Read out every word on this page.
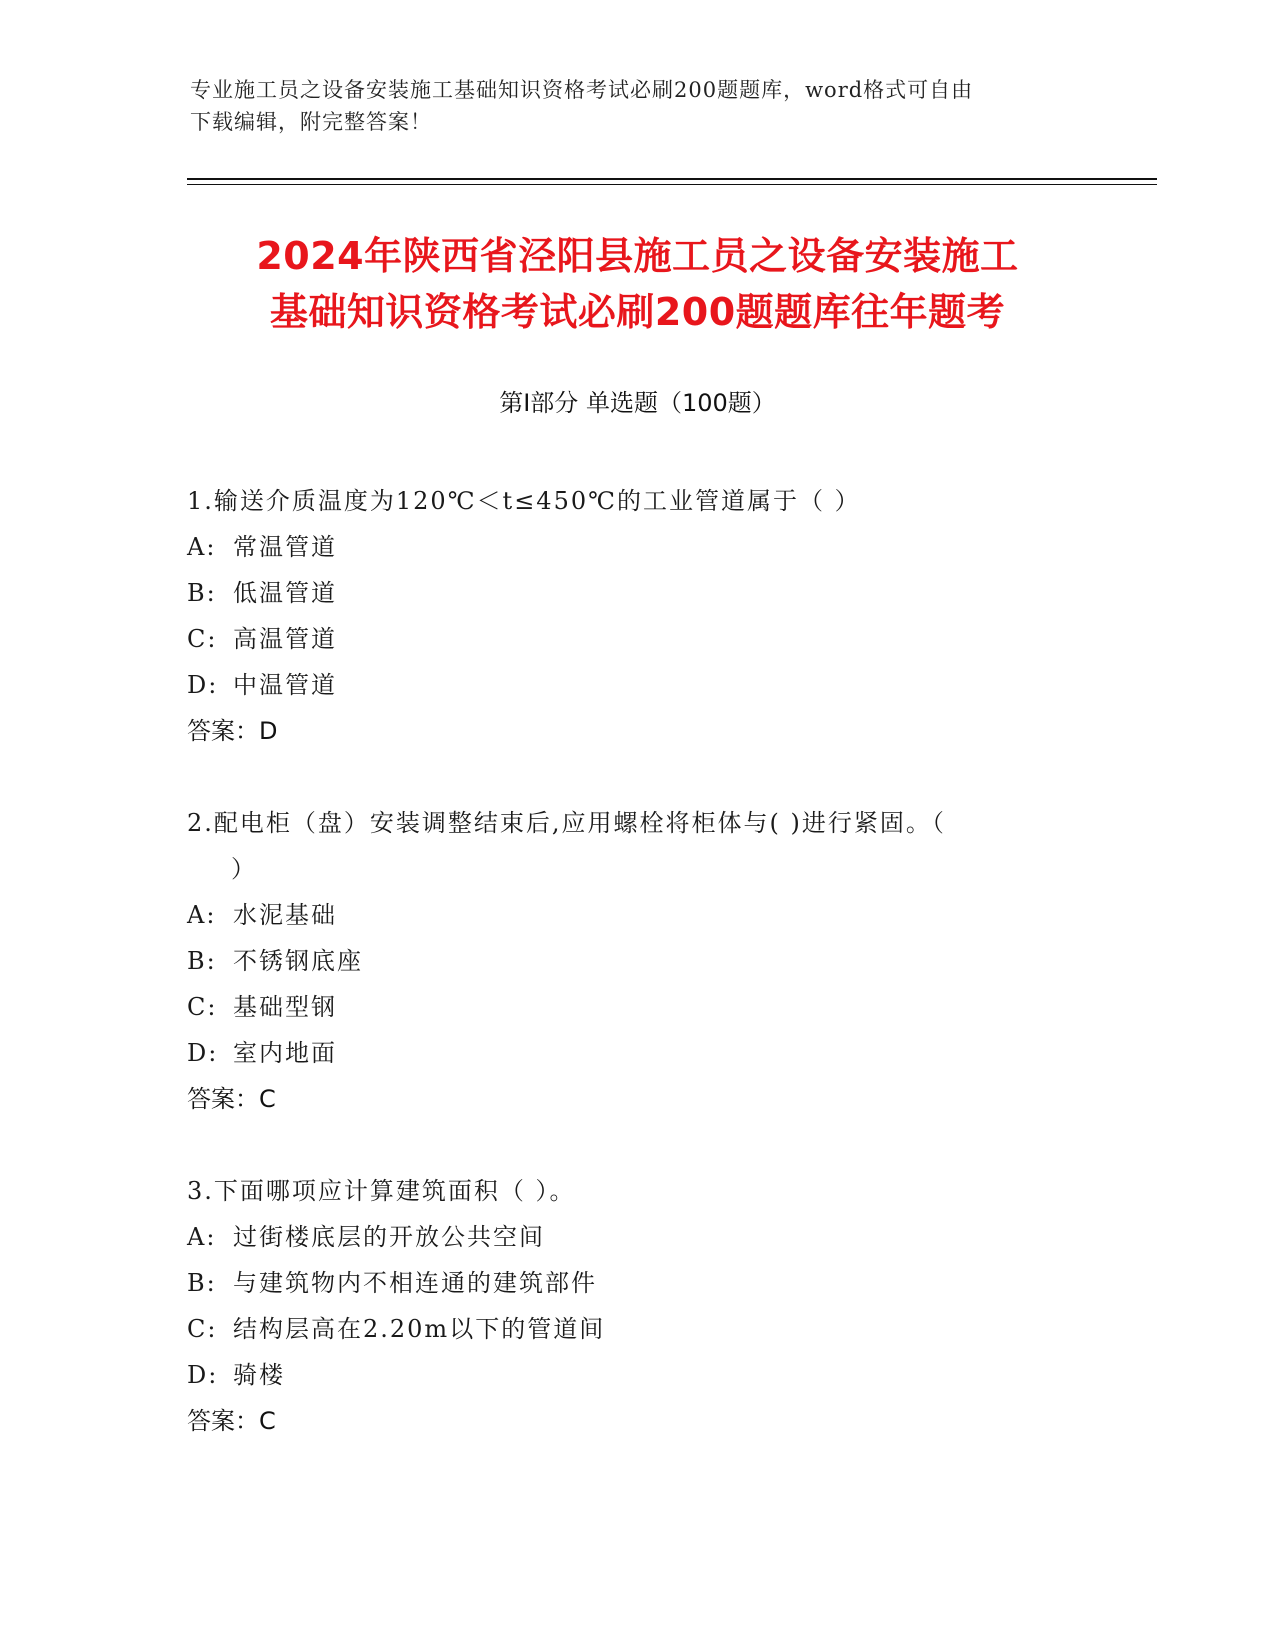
专业施工员之设备安装施工基础知识资格考试必刷200题题库，word格式可自由
下载编辑，附完整答案！
2024年陕西省泾阳县施工员之设备安装施工
基础知识资格考试必刷200题题库往年题考
第Ⅰ部分 单选题（100题）
1.输送介质温度为120℃＜t≤450℃的工业管道属于（ ）
A: 常温管道
B: 低温管道
C: 高温管道
D: 中温管道
答案：D
2.配电柜（盘）安装调整结束后,应用螺栓将柜体与( )进行紧固。（
）
A: 水泥基础
B: 不锈钢底座
C: 基础型钢
D: 室内地面
答案：C
3.下面哪项应计算建筑面积（ ）。
A: 过街楼底层的开放公共空间
B: 与建筑物内不相连通的建筑部件
C: 结构层高在2.20m以下的管道间
D: 骑楼
答案：C
